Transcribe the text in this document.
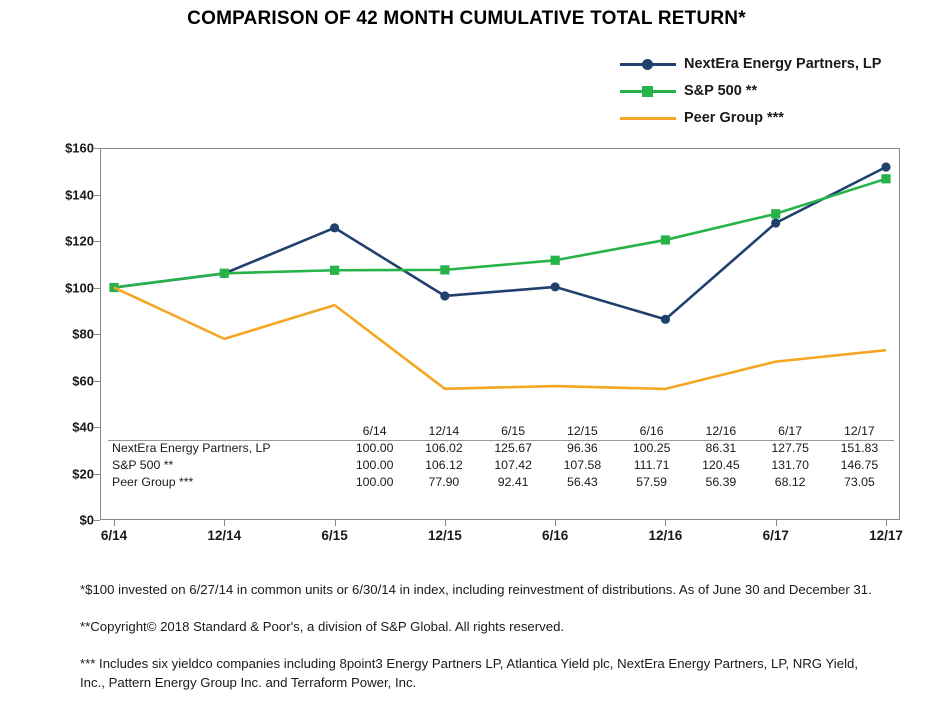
COMPARISON OF 42 MONTH CUMULATIVE TOTAL RETURN*
NextEra Energy Partners, LP
S&P 500 **
Peer Group ***
$0
$20
$40
$60
$80
$100
$120
$140
$160
6/14	12/14	6/15	12/15	6/16	12/16	6/17	12/17
	6/14	12/14	6/15	12/15	6/16	12/16	6/17	12/17
NextEra Energy Partners, LP	100.00	106.02	125.67	96.36	100.25	86.31	127.75	151.83
S&P 500 **	100.00	106.12	107.42	107.58	111.71	120.45	131.70	146.75
Peer Group ***	100.00	77.90	92.41	56.43	57.59	56.39	68.12	73.05

*$100 invested on 6/27/14 in common units or 6/30/14 in index, including reinvestment of distributions. As of June 30 and December 31.

**Copyright© 2018 Standard & Poor's, a division of S&P Global. All rights reserved.

*** Includes six yieldco companies including 8point3 Energy Partners LP, Atlantica Yield plc, NextEra Energy Partners, LP, NRG Yield, Inc., Pattern Energy Group Inc. and Terraform Power, Inc.
